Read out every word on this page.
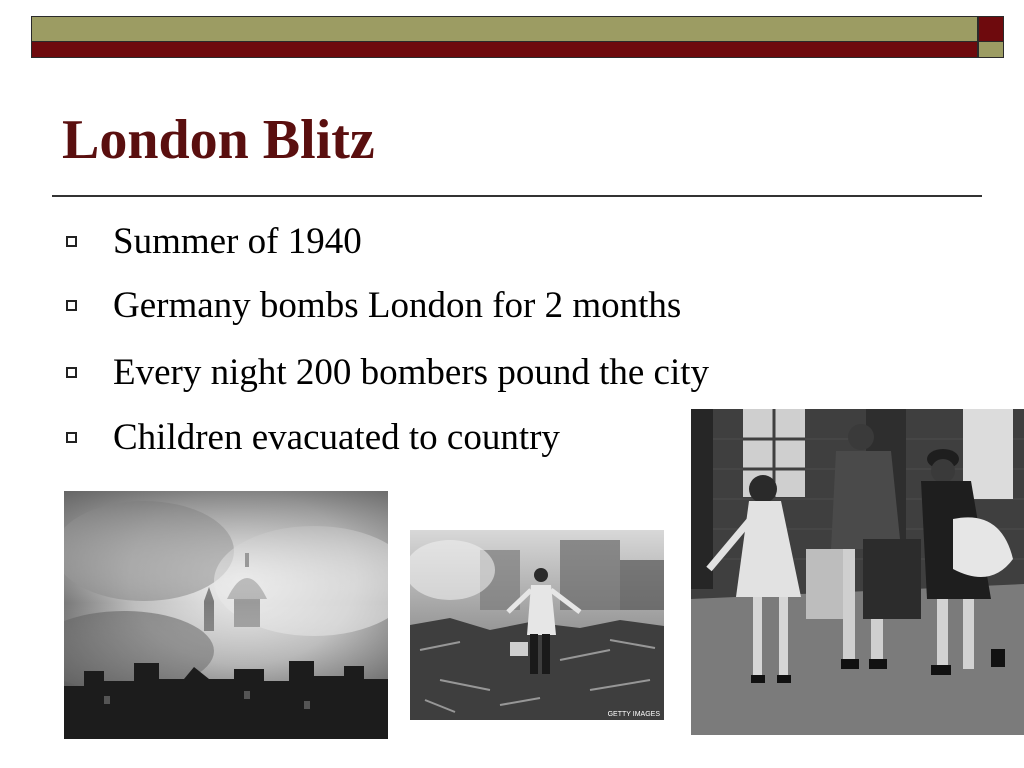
London Blitz
Summer of 1940
Germany bombs London for 2 months
Every night 200 bombers pound the city
Children evacuated to country
GETTY IMAGES
